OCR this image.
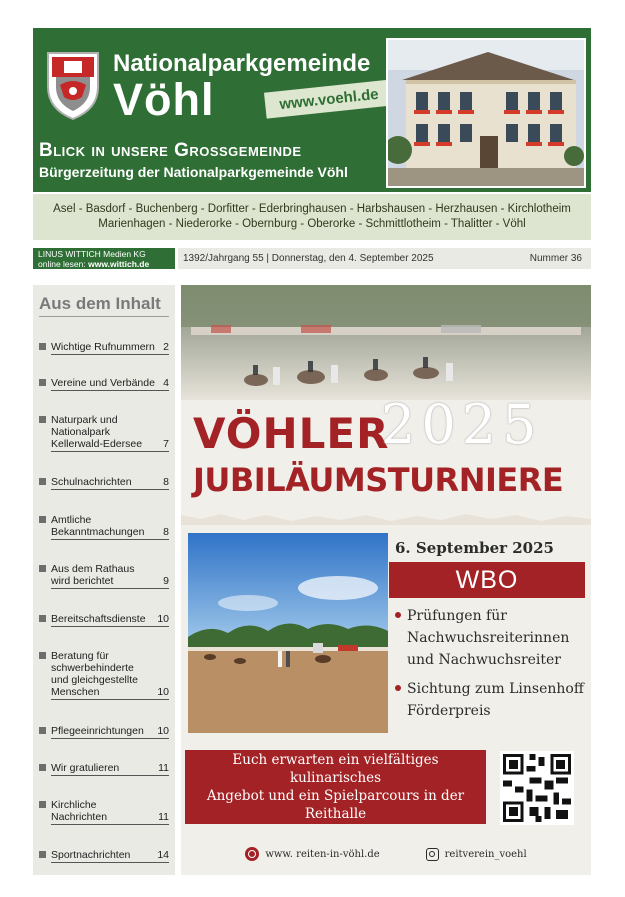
Nationalparkgemeinde
Vöhl	www.voehl.de
Blick in unsere Grossgemeinde
Bürgerzeitung der Nationalparkgemeinde Vöhl
Asel - Basdorf - Buchenberg - Dorfitter - Ederbringhausen - Harbshausen - Herzhausen - Kirchlotheim
Marienhagen - Niederorke - Obernburg - Oberorke - Schmittlotheim - Thalitter - Vöhl
LINUS WITTICH Medien KG
online lesen: www.wittich.de	1392/Jahrgang 55 | Donnerstag, den 4. September 2025	Nummer 36
Aus dem Inhalt
Wichtige Rufnummern 2
Vereine und Verbände 4
Naturpark und
Nationalpark
Kellerwald-Edersee	7
Schulnachrichten	8
Amtliche
Bekanntmachungen	8
Aus dem Rathaus
wird berichtet	9
Bereitschaftsdienste	10
Beratung für
schwerbehinderte
und gleichgestellte
Menschen	10
Pflegeeinrichtungen	10
Wir gratulieren	11
Kirchliche
Nachrichten	11
Sportnachrichten	14
VÖHLER
2025
JUBILÄUMSTURNIERE
6. September 2025
WBO
Prüfungen für
Nachwuchsreiterinnen
und Nachwuchsreiter
Sichtung zum Linsenhoff
Förderpreis
Euch erwarten ein vielfältiges kulinarisches
Angebot und ein Spielparcours in der
Reithalle
www. reiten-in-vöhl.de	reitverein_voehl
